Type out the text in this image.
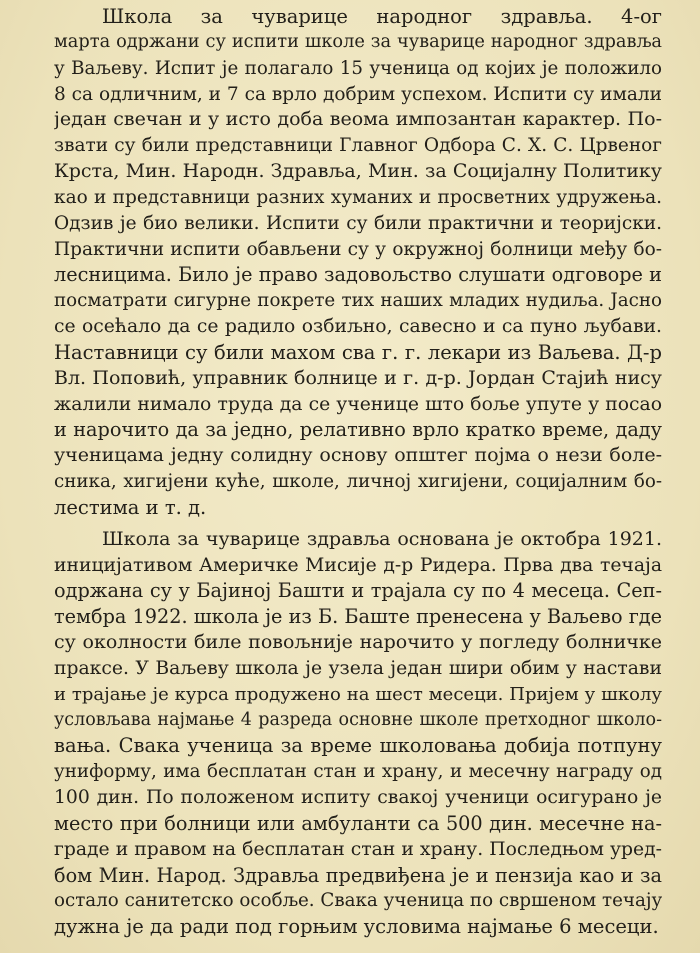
Школа за чуварице народног здравља. 4-ог
марта одржани су испити школе за чуварице народног здравља
у Ваљеву. Испит је полагало 15 ученица од којих је положило
8 са одличним, и 7 са врло добрим успехом. Испити су имали
један свечан и у исто доба веома импозантан карактер. По-
звати су били представници Главног Одбора С. Х. С. Црвеног
Крста, Мин. Народн. Здравља, Мин. за Социјалну Политику
као и представници разних хуманих и просветних удружења.
Одзив је био велики. Испити су били практични и теоријски.
Практични испити обављени су у окружној болници међу бо-
лесницима. Било је право задовољство слушати одговоре и
посматрати сигурне покрете тих наших младих нудиља. Јасно
се осећало да се радило озбиљно, савесно и са пуно љубави.
Наставници су били махом сва г. г. лекари из Ваљева. Д-р
Вл. Поповић, управник болнице и г. д-р. Јордан Стајић нису
жалили нимало труда да се ученице што боље упуте у посао
и нарочито да за једно, релативно врло кратко време, даду
ученицама једну солидну основу општег појма о нези боле-
сника, хигијени куће, школе, личној хигијени, социјалним бо-
лестима и т. д.
Школа за чуварице здравља основана је октобра 1921.
иницијативом Америчке Мисије д-р Ридера. Прва два течаја
одржана су у Бајиној Башти и трајала су по 4 месеца. Сеп-
тембра 1922. школа је из Б. Баште пренесена у Ваљево где
су околности биле повољније нарочито у погледу болничке
праксе. У Ваљеву школа је узела један шири обим у настави
и трајање је курса продужено на шест месеци. Пријем у школу
условљава најмање 4 разреда основне школе претходног школо-
вања. Свака ученица за време школовања добија потпуну
униформу, има бесплатан стан и храну, и месечну награду од
100 дин. По положеном испиту свакој ученици осигурано је
место при болници или амбуланти са 500 дин. месечне на-
граде и правом на бесплатан стан и храну. Последњом уред-
бом Мин. Народ. Здравља предвиђена је и пензија као и за
остало санитетско особље. Свака ученица по свршеном течају
дужна је да ради под горњим условима најмање 6 месеци.
